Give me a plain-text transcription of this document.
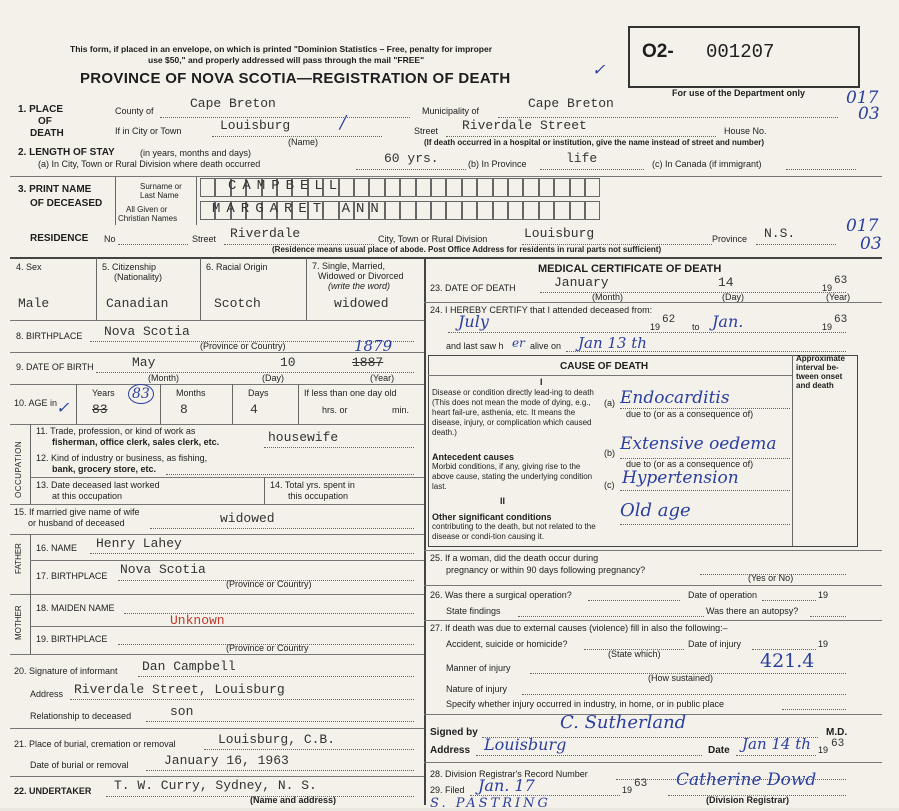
This form, if placed in an envelope, on which is printed "Dominion Statistics – Free, penalty for improper
use $50," and properly addressed will pass through the mail "FREE"
PROVINCE OF NOVA SCOTIA—REGISTRATION OF DEATH
O2- 001207
For use of the Department only 017
03
017
03
1. PLACE
OF
DEATH
County of	Cape Breton	Municipality of	Cape Breton
If in City or Town	Louisburg
(Name)
Street Riverdale Street	House No.
(If death occurred in a hospital or institution, give the name instead of street and number)
2. LENGTH OF STAY	(in years, months and days)
(a) In City, Town or Rural Division where death occurred	60 yrs.	(b) In Province	life	(c) In Canada (if immigrant)
3. PRINT NAME
OF DECEASED
Surname or
Last Name
All Given or
Christian Names
CAMPBELL
MARGARET ANN
RESIDENCE No	Street Riverdale	City, Town or Rural Division	Louisburg	Province N.S.
(Residence means usual place of abode. Post Office Address for residents in rural parts not sufficient)
4. Sex
Male
5. Citizenship
(Nationality)
Canadian
6. Racial Origin
Scotch
7. Single, Married,
Widowed or Divorced
(write the word)
widowed
8. BIRTHPLACE Nova Scotia
(Province or Country)
9. DATE OF BIRTH	May	10	1887
1879
(Month)	(Day)	(Year)
10. AGE in
✓
Years
83
83	Months
8
Days
4
If less than one day old
hrs. or	min.
OCCUPATION
11. Trade, profession, or kind of work as
fisherman, office clerk, sales clerk, etc.	housewife
12. Kind of industry or business, as fishing,
bank, grocery store, etc.
13. Date deceased last worked
at this occupation
14. Total yrs. spent in
this occupation
15. If married give name of wife
or husband of deceased	widowed
FATHER 16. NAME Henry Lahey
17. BIRTHPLACE Nova Scotia
(Province or Country)
MOTHER 18. MAIDEN NAME
Unknown
19. BIRTHPLACE
(Province or Country
20. Signature of informant Dan Campbell
Address Riverdale Street, Louisburg
Relationship to deceased	son
21. Place of burial, cremation or removal	Louisburg, C.B.
Date of burial or removal	January 16, 1963
22. UNDERTAKER T. W. Curry, Sydney, N. S.
(Name and address)
MEDICAL CERTIFICATE OF DEATH
23. DATE OF DEATH	January	14	19
63
(Month)	(Day)	(Year)
24. I HEREBY CERTIFY that I attended deceased from:
July	19
62
to Jan.	19
63
and last saw h er alive on Jan 13 th
CAUSE OF DEATH
Approximate interval be-tween onset and death
I
Disease or condition directly lead-ing to death (This does not mean the mode of dying, e.g., heart fail-ure, asthenia, etc. It means the disease, injury, or complication which caused death.)
(a) Endocarditis
due to (or as a consequence of)
Antecedent causes
Morbid conditions, if any, giving rise to the above cause, stating the underlying condition last.
(b) Extensive oedema
due to (or as a consequence of)
(c) Hypertension
II
Other significant conditions
contributing to the death, but not related to the disease or condi-tion causing it.
Old age
25. If a woman, did the death occur during
pregnancy or within 90 days following pregnancy?
(Yes or No)
26. Was there a surgical operation?	Date of operation	19
State findings	Was there an autopsy?
27. If death was due to external causes (violence) fill in also the following:–
Accident, suicide or homicide?	Date of injury	19
(State which)
Manner of injury
(How sustained)
421.4
Nature of injury
Specify whether injury occurred in industry, in home, or in public place
Signed by	C. Sutherland	M.D.
Address Louisburg	Date Jan 14 th 19 63
28. Division Registrar's Record Number
29. Filed Jan. 17	19 63 Catherine Dowd
(Division Registrar)
S. PASTRING
/
✓
